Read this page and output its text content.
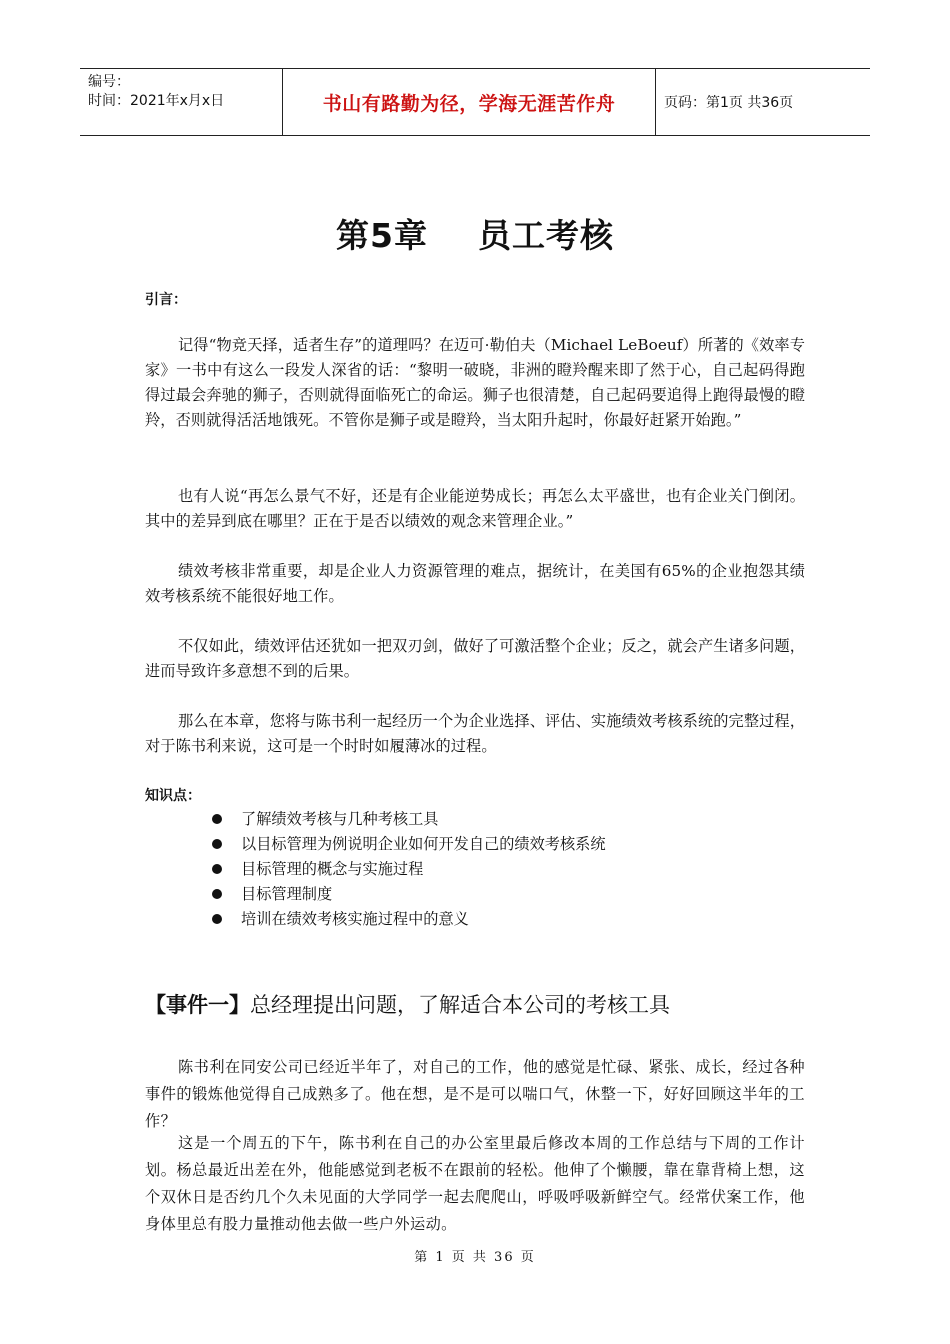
编号：
时间：2021年x月x日	书山有路勤为径，学海无涯苦作舟	页码：第1页 共36页
第5章    员工考核
引言：
记得“物竞天择，适者生存”的道理吗？在迈可·勒伯夫（Michael LeBoeuf）所著的《效率专家》一书中有这么一段发人深省的话：“黎明一破晓，非洲的瞪羚醒来即了然于心，自己起码得跑得过最会奔驰的狮子，否则就得面临死亡的命运。狮子也很清楚，自己起码要追得上跑得最慢的瞪羚，否则就得活活地饿死。不管你是狮子或是瞪羚，当太阳升起时，你最好赶紧开始跑。”
也有人说“再怎么景气不好，还是有企业能逆势成长；再怎么太平盛世，也有企业关门倒闭。其中的差异到底在哪里？正在于是否以绩效的观念来管理企业。”
绩效考核非常重要，却是企业人力资源管理的难点，据统计，在美国有65%的企业抱怨其绩效考核系统不能很好地工作。
不仅如此，绩效评估还犹如一把双刃剑，做好了可激活整个企业；反之，就会产生诸多问题，进而导致许多意想不到的后果。
那么在本章，您将与陈书利一起经历一个为企业选择、评估、实施绩效考核系统的完整过程，对于陈书利来说，这可是一个时时如履薄冰的过程。
知识点：
了解绩效考核与几种考核工具
以目标管理为例说明企业如何开发自己的绩效考核系统
目标管理的概念与实施过程
目标管理制度
培训在绩效考核实施过程中的意义
【事件一】总经理提出问题，了解适合本公司的考核工具
陈书利在同安公司已经近半年了，对自己的工作，他的感觉是忙碌、紧张、成长，经过各种事件的锻炼他觉得自己成熟多了。他在想，是不是可以喘口气，休整一下，好好回顾这半年的工作？
这是一个周五的下午，陈书利在自己的办公室里最后修改本周的工作总结与下周的工作计划。杨总最近出差在外，他能感觉到老板不在跟前的轻松。他伸了个懒腰，靠在靠背椅上想，这个双休日是否约几个久未见面的大学同学一起去爬爬山，呼吸呼吸新鲜空气。经常伏案工作，他身体里总有股力量推动他去做一些户外运动。
第 1 页 共 36 页
